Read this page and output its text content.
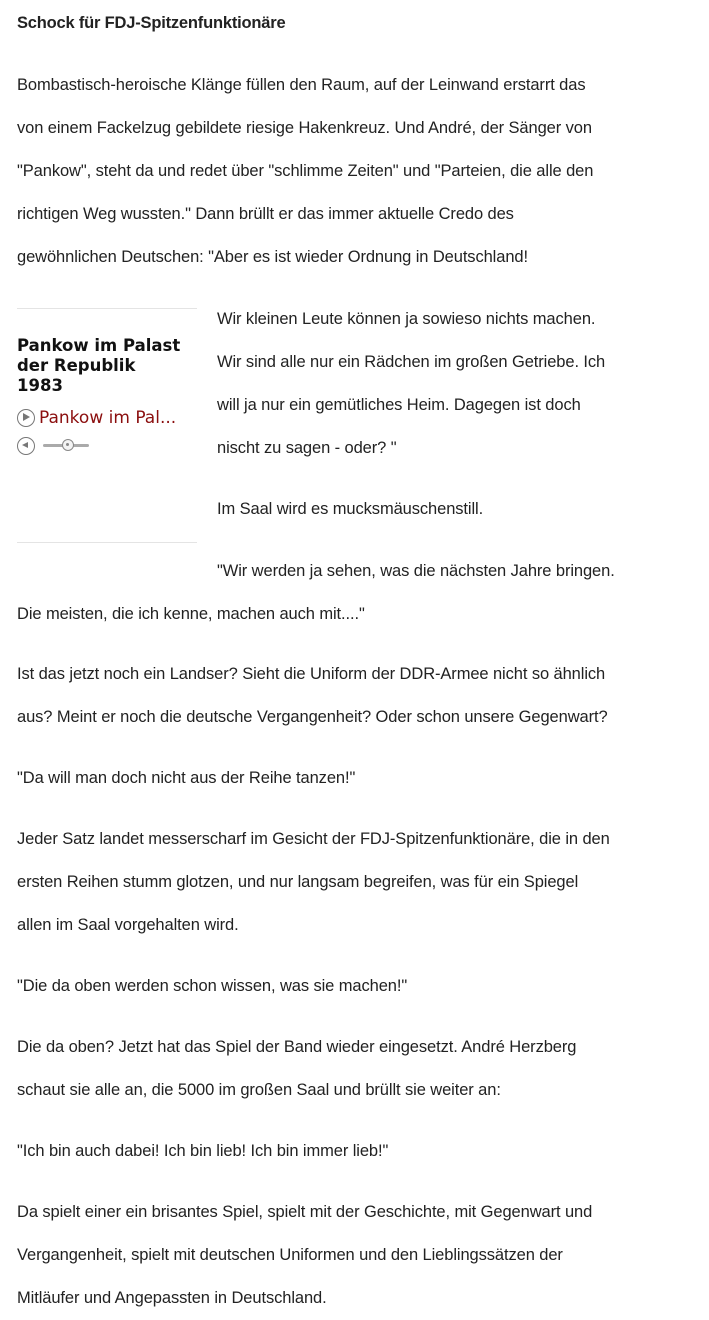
Schock für FDJ-Spitzenfunktionäre
Bombastisch-heroische Klänge füllen den Raum, auf der Leinwand erstarrt das
von einem Fackelzug gebildete riesige Hakenkreuz. Und André, der Sänger von
"Pankow", steht da und redet über "schlimme Zeiten" und "Parteien, die alle den
richtigen Weg wussten." Dann brüllt er das immer aktuelle Credo des
gewöhnlichen Deutschen: "Aber es ist wieder Ordnung in Deutschland!
Pankow im Palast
der Republik
1983
Pankow im Pal...
Wir kleinen Leute können ja sowieso nichts machen.
Wir sind alle nur ein Rädchen im großen Getriebe. Ich
will ja nur ein gemütliches Heim. Dagegen ist doch
nischt zu sagen - oder? "
Im Saal wird es mucksmäuschenstill.
"Wir werden ja sehen, was die nächsten Jahre bringen.
Die meisten, die ich kenne, machen auch mit...."
Ist das jetzt noch ein Landser? Sieht die Uniform der DDR-Armee nicht so ähnlich
aus? Meint er noch die deutsche Vergangenheit? Oder schon unsere Gegenwart?
"Da will man doch nicht aus der Reihe tanzen!"
Jeder Satz landet messerscharf im Gesicht der FDJ-Spitzenfunktionäre, die in den
ersten Reihen stumm glotzen, und nur langsam begreifen, was für ein Spiegel
allen im Saal vorgehalten wird.
"Die da oben werden schon wissen, was sie machen!"
Die da oben? Jetzt hat das Spiel der Band wieder eingesetzt. André Herzberg
schaut sie alle an, die 5000 im großen Saal und brüllt sie weiter an:
"Ich bin auch dabei! Ich bin lieb! Ich bin immer lieb!"
Da spielt einer ein brisantes Spiel, spielt mit der Geschichte, mit Gegenwart und
Vergangenheit, spielt mit deutschen Uniformen und den Lieblingssätzen der
Mitläufer und Angepassten in Deutschland.
